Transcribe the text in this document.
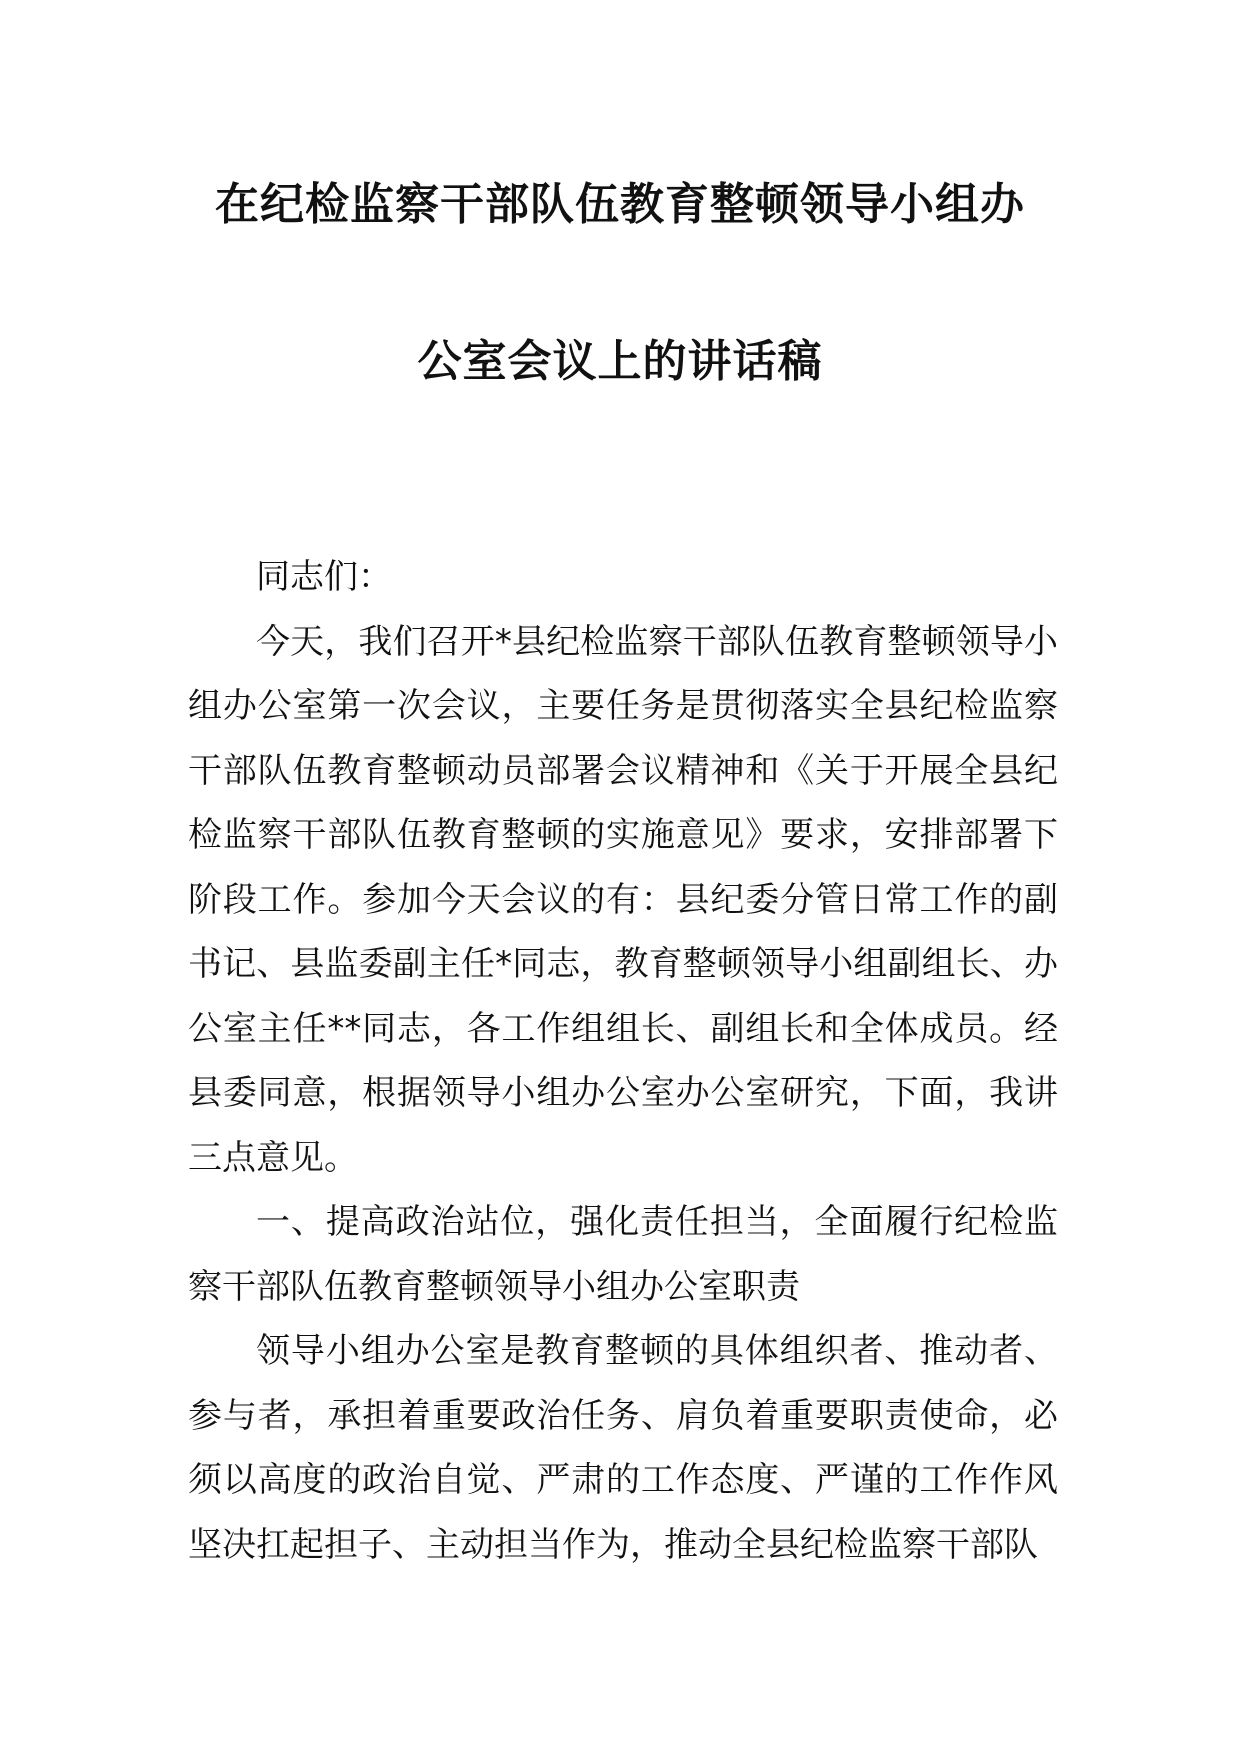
在纪检监察干部队伍教育整顿领导小组办
公室会议上的讲话稿

同志们：

今天，我们召开*县纪检监察干部队伍教育整顿领导小组办公室第一次会议，主要任务是贯彻落实全县纪检监察干部队伍教育整顿动员部署会议精神和《关于开展全县纪检监察干部队伍教育整顿的实施意见》要求，安排部署下阶段工作。参加今天会议的有：县纪委分管日常工作的副书记、县监委副主任*同志，教育整顿领导小组副组长、办公室主任**同志，各工作组组长、副组长和全体成员。经县委同意，根据领导小组办公室办公室研究，下面，我讲三点意见。

一、提高政治站位，强化责任担当，全面履行纪检监察干部队伍教育整顿领导小组办公室职责

领导小组办公室是教育整顿的具体组织者、推动者、参与者，承担着重要政治任务、肩负着重要职责使命，必须以高度的政治自觉、严肃的工作态度、严谨的工作作风坚决扛起担子、主动担当作为，推动全县纪检监察干部队
